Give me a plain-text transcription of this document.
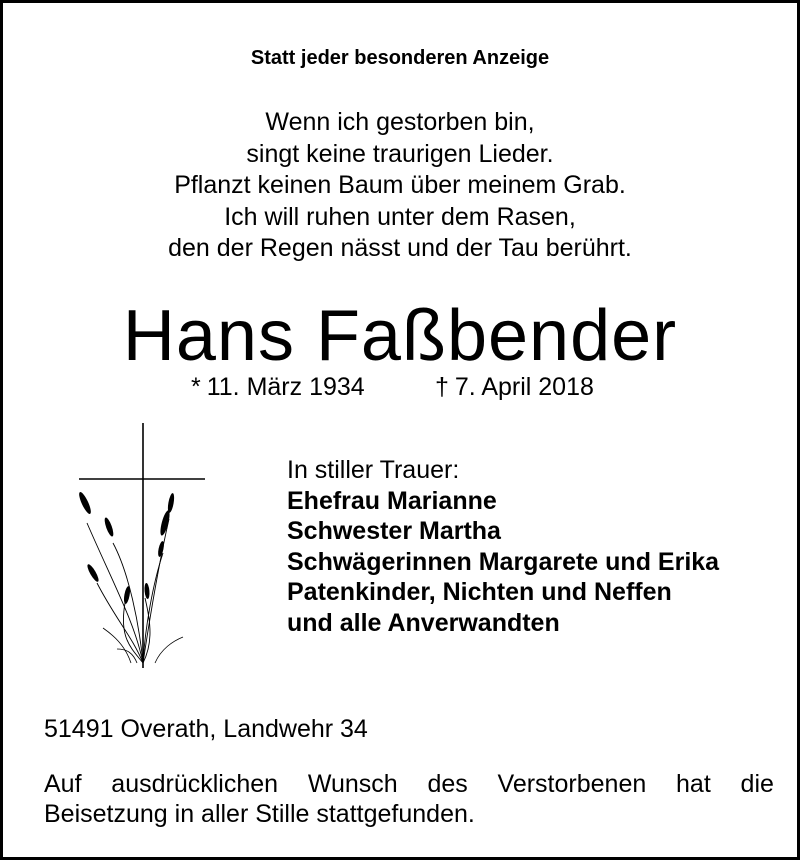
Statt jeder besonderen Anzeige
Wenn ich gestorben bin,
singt keine traurigen Lieder.
Pflanzt keinen Baum über meinem Grab.
Ich will ruhen unter dem Rasen,
den der Regen nässt und der Tau berührt.
Hans Faßbender
* 11. März 1934	† 7. April 2018
In stiller Trauer:
Ehefrau Marianne
Schwester Martha
Schwägerinnen Margarete und Erika
Patenkinder, Nichten und Neffen
und alle Anverwandten
51491 Overath, Landwehr 34
Auf ausdrücklichen Wunsch des Verstorbenen hat die
Beisetzung in aller Stille stattgefunden.
